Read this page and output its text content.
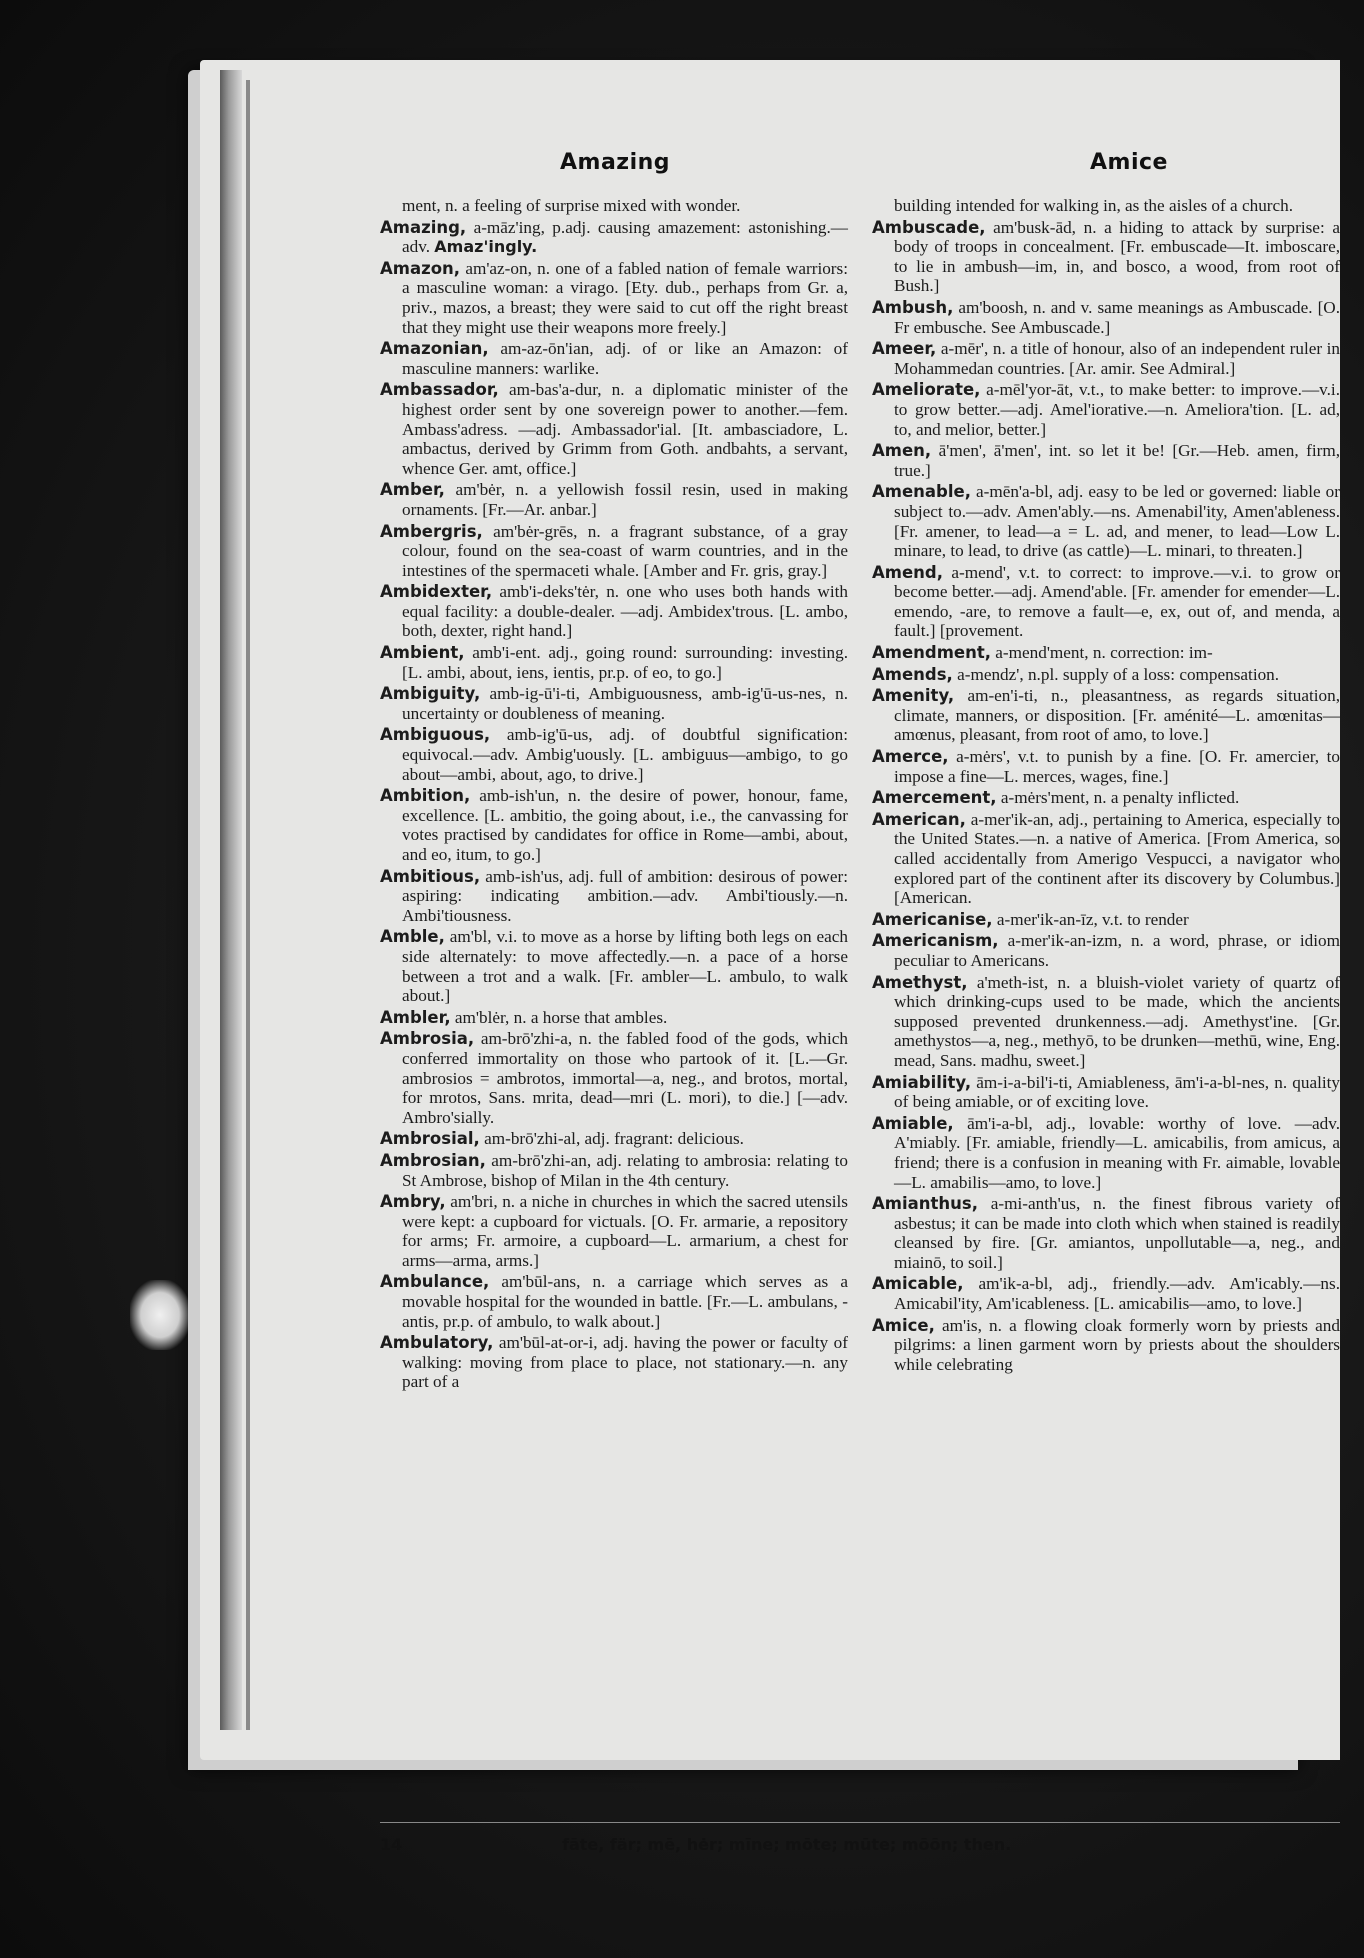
Amazing	Amice
ment, n. a feeling of surprise mixed with wonder.
Amazing, a-māz'ing, p.adj. causing amazement: astonishing.—adv. Amaz'ingly.
Amazon, am'az-on, n. one of a fabled nation of female warriors: a masculine woman: a virago. [Ety. dub., perhaps from Gr. a, priv., mazos, a breast; they were said to cut off the right breast that they might use their weapons more freely.]
Amazonian, am-az-ōn'ian, adj. of or like an Amazon: of masculine manners: warlike.
Ambassador, am-bas'a-dur, n. a diplomatic minister of the highest order sent by one sovereign power to another.—fem. Ambass'adress. —adj. Ambassador'ial. [It. ambasciadore, L. ambactus, derived by Grimm from Goth. andbahts, a servant, whence Ger. amt, office.]
Amber, am'bėr, n. a yellowish fossil resin, used in making ornaments. [Fr.—Ar. anbar.]
Ambergris, am'bėr-grēs, n. a fragrant substance, of a gray colour, found on the sea-coast of warm countries, and in the intestines of the spermaceti whale. [Amber and Fr. gris, gray.]
Ambidexter, amb'i-deks'tėr, n. one who uses both hands with equal facility: a double-dealer. —adj. Ambidex'trous. [L. ambo, both, dexter, right hand.]
Ambient, amb'i-ent. adj., going round: surrounding: investing. [L. ambi, about, iens, ientis, pr.p. of eo, to go.]
Ambiguity, amb-ig-ū'i-ti, Ambiguousness, amb-ig'ū-us-nes, n. uncertainty or doubleness of meaning.
Ambiguous, amb-ig'ū-us, adj. of doubtful signification: equivocal.—adv. Ambig'uously. [L. ambiguus—ambigo, to go about—ambi, about, ago, to drive.]
Ambition, amb-ish'un, n. the desire of power, honour, fame, excellence. [L. ambitio, the going about, i.e., the canvassing for votes practised by candidates for office in Rome—ambi, about, and eo, itum, to go.]
Ambitious, amb-ish'us, adj. full of ambition: desirous of power: aspiring: indicating ambition.—adv. Ambi'tiously.—n. Ambi'tiousness.
Amble, am'bl, v.i. to move as a horse by lifting both legs on each side alternately: to move affectedly.—n. a pace of a horse between a trot and a walk. [Fr. ambler—L. ambulo, to walk about.]
Ambler, am'blėr, n. a horse that ambles.
Ambrosia, am-brō'zhi-a, n. the fabled food of the gods, which conferred immortality on those who partook of it. [L.—Gr. ambrosios = ambrotos, immortal—a, neg., and brotos, mortal, for mrotos, Sans. mrita, dead—mri (L. mori), to die.] [—adv. Ambro'sially.
Ambrosial, am-brō'zhi-al, adj. fragrant: delicious.
Ambrosian, am-brō'zhi-an, adj. relating to ambrosia: relating to St Ambrose, bishop of Milan in the 4th century.
Ambry, am'bri, n. a niche in churches in which the sacred utensils were kept: a cupboard for victuals. [O. Fr. armarie, a repository for arms; Fr. armoire, a cupboard—L. armarium, a chest for arms—arma, arms.]
Ambulance, am'būl-ans, n. a carriage which serves as a movable hospital for the wounded in battle. [Fr.—L. ambulans, -antis, pr.p. of ambulo, to walk about.]
Ambulatory, am'būl-at-or-i, adj. having the power or faculty of walking: moving from place to place, not stationary.—n. any part of a
building intended for walking in, as the aisles of a church.
Ambuscade, am'busk-ād, n. a hiding to attack by surprise: a body of troops in concealment. [Fr. embuscade—It. imboscare, to lie in ambush—im, in, and bosco, a wood, from root of Bush.]
Ambush, am'boosh, n. and v. same meanings as Ambuscade. [O. Fr embusche. See Ambuscade.]
Ameer, a-mēr', n. a title of honour, also of an independent ruler in Mohammedan countries. [Ar. amir. See Admiral.]
Ameliorate, a-mēl'yor-āt, v.t., to make better: to improve.—v.i. to grow better.—adj. Amel'iorative.—n. Ameliora'tion. [L. ad, to, and melior, better.]
Amen, ā'men', ā'men', int. so let it be! [Gr.—Heb. amen, firm, true.]
Amenable, a-mēn'a-bl, adj. easy to be led or governed: liable or subject to.—adv. Amen'ably.—ns. Amenabil'ity, Amen'ableness. [Fr. amener, to lead—a = L. ad, and mener, to lead—Low L. minare, to lead, to drive (as cattle)—L. minari, to threaten.]
Amend, a-mend', v.t. to correct: to improve.—v.i. to grow or become better.—adj. Amend'able. [Fr. amender for emender—L. emendo, -are, to remove a fault—e, ex, out of, and menda, a fault.] [provement.
Amendment, a-mend'ment, n. correction: im-
Amends, a-mendz', n.pl. supply of a loss: compensation.
Amenity, am-en'i-ti, n., pleasantness, as regards situation, climate, manners, or disposition. [Fr. aménité—L. amœnitas—amœnus, pleasant, from root of amo, to love.]
Amerce, a-mėrs', v.t. to punish by a fine. [O. Fr. amercier, to impose a fine—L. merces, wages, fine.]
Amercement, a-mėrs'ment, n. a penalty inflicted.
American, a-mer'ik-an, adj., pertaining to America, especially to the United States.—n. a native of America. [From America, so called accidentally from Amerigo Vespucci, a navigator who explored part of the continent after its discovery by Columbus.] [American.
Americanise, a-mer'ik-an-īz, v.t. to render
Americanism, a-mer'ik-an-izm, n. a word, phrase, or idiom peculiar to Americans.
Amethyst, a'meth-ist, n. a bluish-violet variety of quartz of which drinking-cups used to be made, which the ancients supposed prevented drunkenness.—adj. Amethyst'ine. [Gr. amethystos—a, neg., methyō, to be drunken—methū, wine, Eng. mead, Sans. madhu, sweet.]
Amiability, ām-i-a-bil'i-ti, Amiableness, ām'i-a-bl-nes, n. quality of being amiable, or of exciting love.
Amiable, ām'i-a-bl, adj., lovable: worthy of love. —adv. A'miably. [Fr. amiable, friendly—L. amicabilis, from amicus, a friend; there is a confusion in meaning with Fr. aimable, lovable—L. amabilis—amo, to love.]
Amianthus, a-mi-anth'us, n. the finest fibrous variety of asbestus; it can be made into cloth which when stained is readily cleansed by fire. [Gr. amiantos, unpollutable—a, neg., and miainō, to soil.]
Amicable, am'ik-a-bl, adj., friendly.—adv. Am'icably.—ns. Amicabil'ity, Am'icableness. [L. amicabilis—amo, to love.]
Amice, am'is, n. a flowing cloak formerly worn by priests and pilgrims: a linen garment worn by priests about the shoulders while celebrating
14	fāte, fär; mē, hėr; mīne; mōte; mūte; mōōn; then.
